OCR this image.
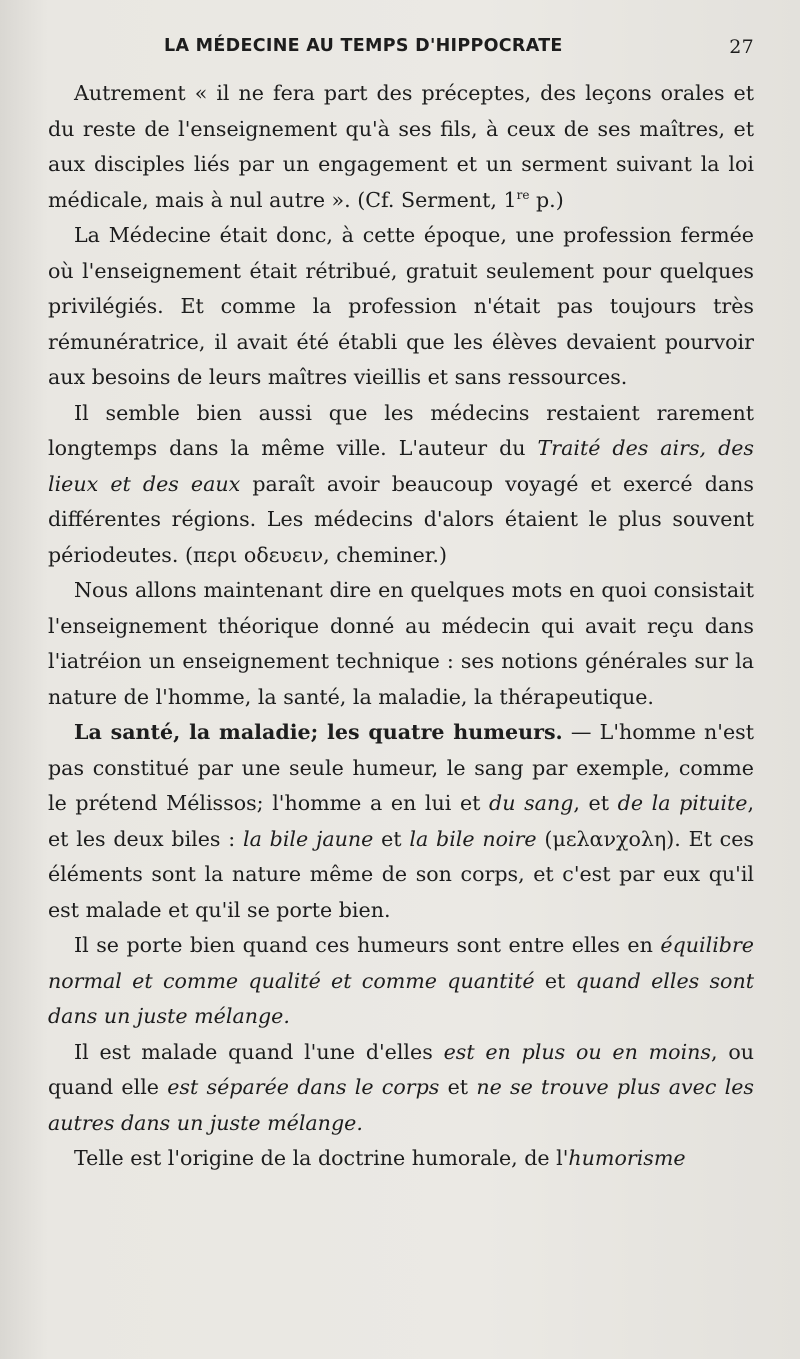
LA MÉDECINE AU TEMPS D'HIPPOCRATE	27

Autrement « il ne fera part des préceptes, des leçons orales et du reste de l'enseignement qu'à ses fils, à ceux de ses maîtres, et aux disciples liés par un engagement et un serment suivant la loi médicale, mais à nul autre ». (Cf. Serment, 1re p.)

La Médecine était donc, à cette époque, une profession fermée où l'enseignement était rétribué, gratuit seulement pour quelques privilégiés. Et comme la profession n'était pas toujours très rémunératrice, il avait été établi que les élèves devaient pourvoir aux besoins de leurs maîtres vieillis et sans ressources.

Il semble bien aussi que les médecins restaient rarement longtemps dans la même ville. L'auteur du Traité des airs, des lieux et des eaux paraît avoir beaucoup voyagé et exercé dans différentes régions. Les médecins d'alors étaient le plus souvent périodeutes. (περι οδευειν, cheminer.)

Nous allons maintenant dire en quelques mots en quoi consistait l'enseignement théorique donné au médecin qui avait reçu dans l'iatréion un enseignement technique : ses notions générales sur la nature de l'homme, la santé, la maladie, la thérapeutique.

La santé, la maladie; les quatre humeurs. — L'homme n'est pas constitué par une seule humeur, le sang par exemple, comme le prétend Mélissos; l'homme a en lui et du sang, et de la pituite, et les deux biles : la bile jaune et la bile noire (μελανχολη). Et ces éléments sont la nature même de son corps, et c'est par eux qu'il est malade et qu'il se porte bien.

Il se porte bien quand ces humeurs sont entre elles en équilibre normal et comme qualité et comme quantité et quand elles sont dans un juste mélange.

Il est malade quand l'une d'elles est en plus ou en moins, ou quand elle est séparée dans le corps et ne se trouve plus avec les autres dans un juste mélange.

Telle est l'origine de la doctrine humorale, de l'humorisme
